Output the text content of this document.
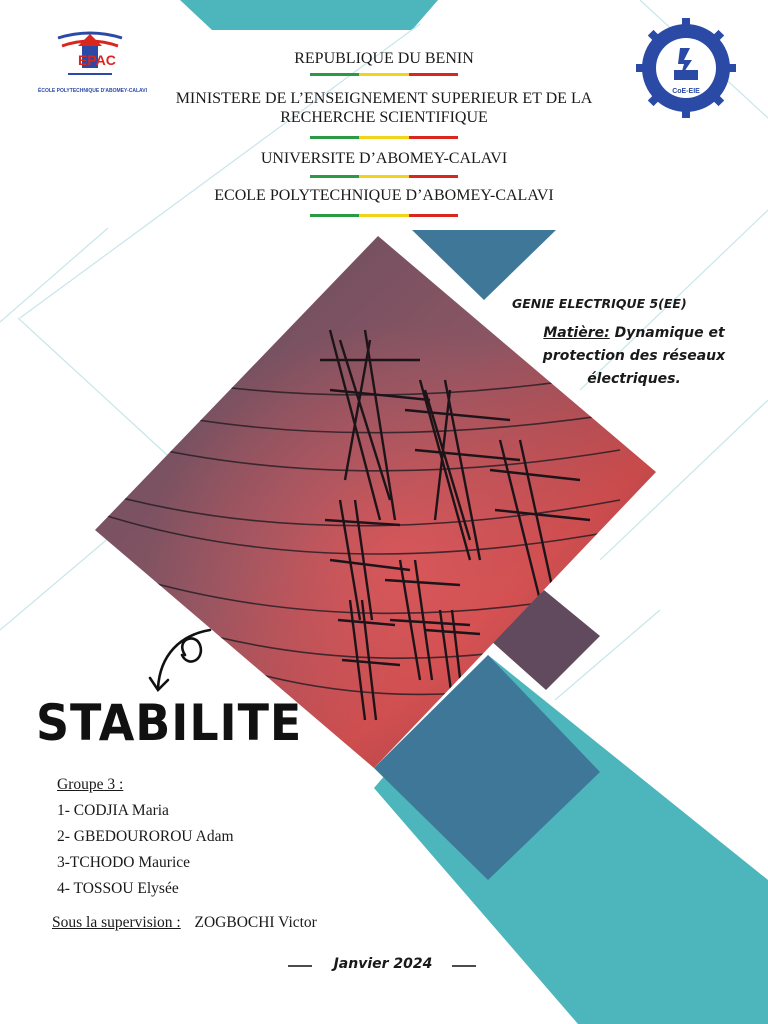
EPAC
ÉCOLE POLYTECHNIQUE D'ABOMEY-CALAVI	CoE-EIE
REPUBLIQUE DU BENIN
MINISTERE DE L’ENSEIGNEMENT SUPERIEUR ET DE LA
RECHERCHE SCIENTIFIQUE
UNIVERSITE D’ABOMEY-CALAVI
ECOLE POLYTECHNIQUE D’ABOMEY-CALAVI
GENIE ELECTRIQUE 5(EE)
Matière: Dynamique et
protection des réseaux
électriques.
STABILITE
Groupe 3 :
1- CODJIA Maria
2- GBEDOUROROU Adam
3-TCHODO Maurice
4- TOSSOU Elysée
Sous la supervision : ZOGBOCHI Victor
Janvier 2024
